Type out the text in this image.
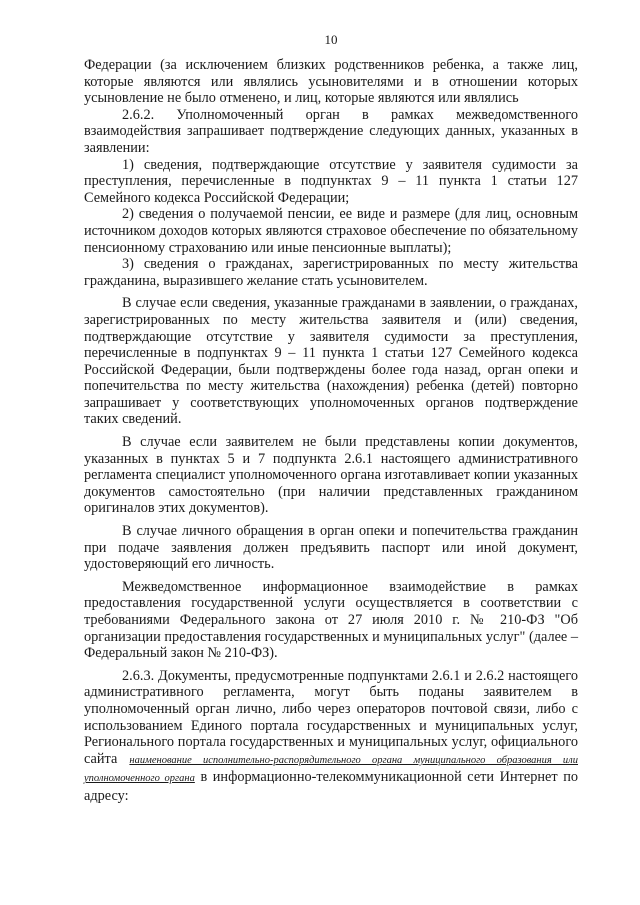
10

Федерации (за исключением близких родственников ребенка, а также лиц, которые являются или являлись усыновителями и в отношении которых усыновление не было отменено, и лиц, которые являются или являлись

2.6.2. Уполномоченный орган в рамках межведомственного взаимодействия запрашивает подтверждение следующих данных, указанных в заявлении:

1) сведения, подтверждающие отсутствие у заявителя судимости за преступления, перечисленные в подпунктах 9 – 11 пункта 1 статьи 127 Семейного кодекса Российской Федерации;

2) сведения о получаемой пенсии, ее виде и размере (для лиц, основным источником доходов которых являются страховое обеспечение по обязательному пенсионному страхованию или иные пенсионные выплаты);

3) сведения о гражданах, зарегистрированных по месту жительства гражданина, выразившего желание стать усыновителем.

В случае если сведения, указанные гражданами в заявлении, о гражданах, зарегистрированных по месту жительства заявителя и (или) сведения, подтверждающие отсутствие у заявителя судимости за преступления, перечисленные в подпунктах 9 – 11 пункта 1 статьи 127 Семейного кодекса Российской Федерации, были подтверждены более года назад, орган опеки и попечительства по месту жительства (нахождения) ребенка (детей) повторно запрашивает у соответствующих уполномоченных органов подтверждение таких сведений.

В случае если заявителем не были представлены копии документов, указанных в пунктах 5 и 7 подпункта 2.6.1 настоящего административного регламента специалист уполномоченного органа изготавливает копии указанных документов самостоятельно (при наличии представленных гражданином оригиналов этих документов).

В случае личного обращения в орган опеки и попечительства гражданин при подаче заявления должен предъявить паспорт или иной документ, удостоверяющий его личность.

Межведомственное информационное взаимодействие в рамках предоставления государственной услуги осуществляется в соответствии с требованиями Федерального закона от 27 июля 2010 г. № 210-ФЗ "Об организации предоставления государственных и муниципальных услуг" (далее – Федеральный закон № 210-ФЗ).

2.6.3. Документы, предусмотренные подпунктами 2.6.1 и 2.6.2 настоящего административного регламента, могут быть поданы заявителем в уполномоченный орган лично, либо через операторов почтовой связи, либо с использованием Единого портала государственных и муниципальных услуг, Регионального портала государственных и муниципальных услуг, официального сайта наименование исполнительно-распорядительного органа муниципального образования или уполномоченного органа в информационно-телекоммуникационной сети Интернет по адресу:
